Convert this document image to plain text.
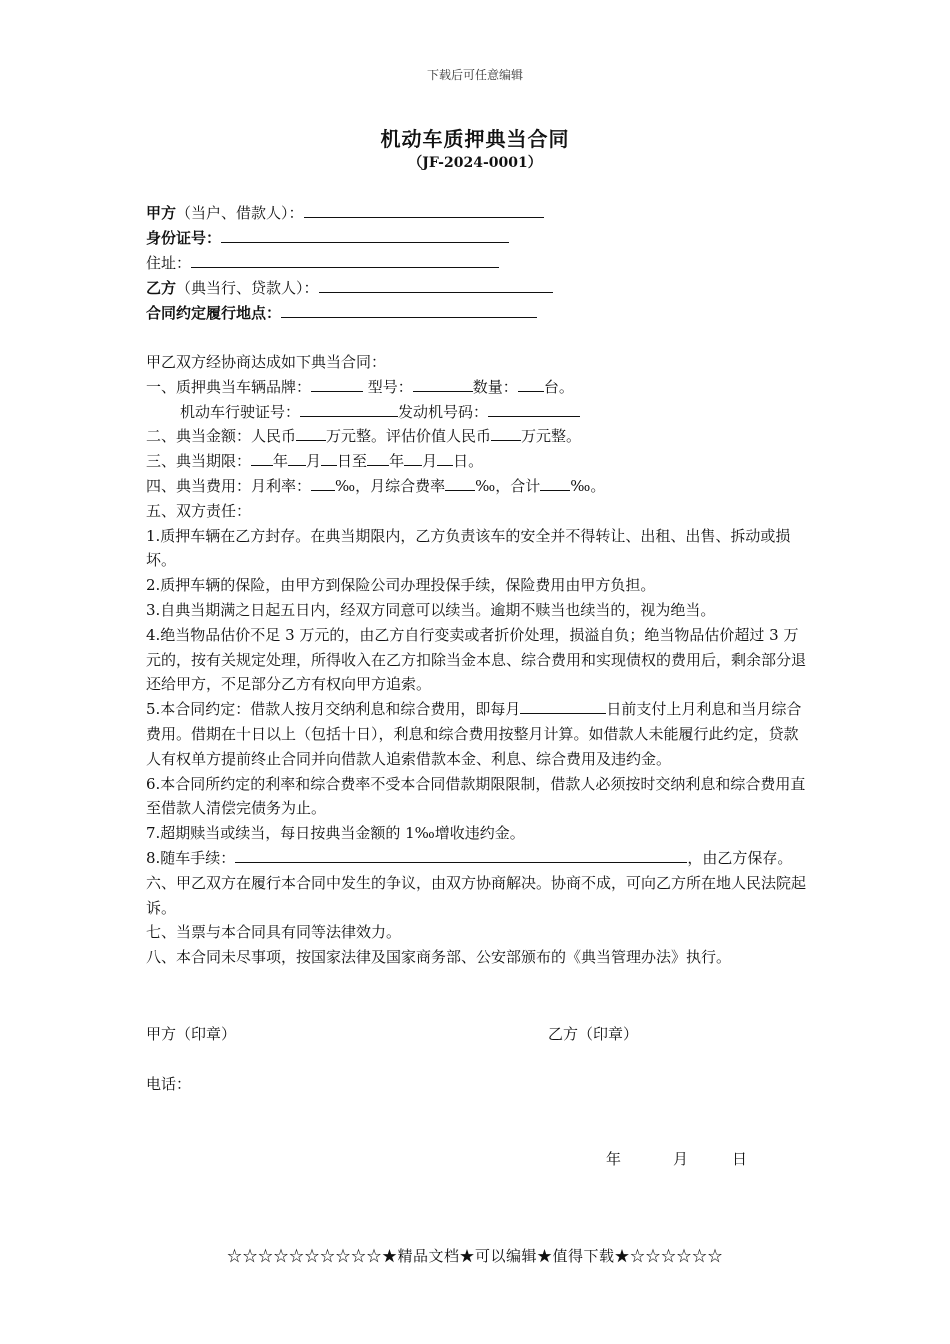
下载后可任意编辑
机动车质押典当合同
（JF-2024-0001）
甲方（当户、借款人）：
身份证号：
住址：
乙方（典当行、贷款人）：
合同约定履行地点：

甲乙双方经协商达成如下典当合同：

一、质押典当车辆品牌：	型号：	数量： 台。

机动车行驶证号：	发动机号码：

二、典当金额：人民币 万元整。评估价值人民币 万元整。

三、典当期限： 年 月 日至 年 月 日。

四、典当费用：月利率： ‰，月综合费率 ‰，合计 ‰。

五、双方责任：

1.质押车辆在乙方封存。在典当期限内，乙方负责该车的安全并不得转让、出租、出售、拆动或损坏。

2.质押车辆的保险，由甲方到保险公司办理投保手续，保险费用由甲方负担。

3.自典当期满之日起五日内，经双方同意可以续当。逾期不赎当也续当的，视为绝当。

4.绝当物品估价不足 3 万元的，由乙方自行变卖或者折价处理，损溢自负；绝当物品估价超过 3 万元的，按有关规定处理，所得收入在乙方扣除当金本息、综合费用和实现债权的费用后，剩余部分退还给甲方，不足部分乙方有权向甲方追索。

5.本合同约定：借款人按月交纳利息和综合费用，即每月	日前支付上月利息和当月综合费用。借期在十日以上（包括十日），利息和综合费用按整月计算。如借款人未能履行此约定，贷款人有权单方提前终止合同并向借款人追索借款本金、利息、综合费用及违约金。

6.本合同所约定的利率和综合费率不受本合同借款期限限制，借款人必须按时交纳利息和综合费用直至借款人清偿完债务为止。

7.超期赎当或续当，每日按典当金额的 1‰增收违约金。

8.随车手续：	，由乙方保存。

六、甲乙双方在履行本合同中发生的争议，由双方协商解决。协商不成，可向乙方所在地人民法院起诉。

七、当票与本合同具有同等法律效力。

八、本合同未尽事项，按国家法律及国家商务部、公安部颁布的《典当管理办法》执行。

甲方（印章）	乙方（印章）
电话：
年	月	日
☆☆☆☆☆☆☆☆☆☆★精品文档★可以编辑★值得下载★☆☆☆☆☆☆
